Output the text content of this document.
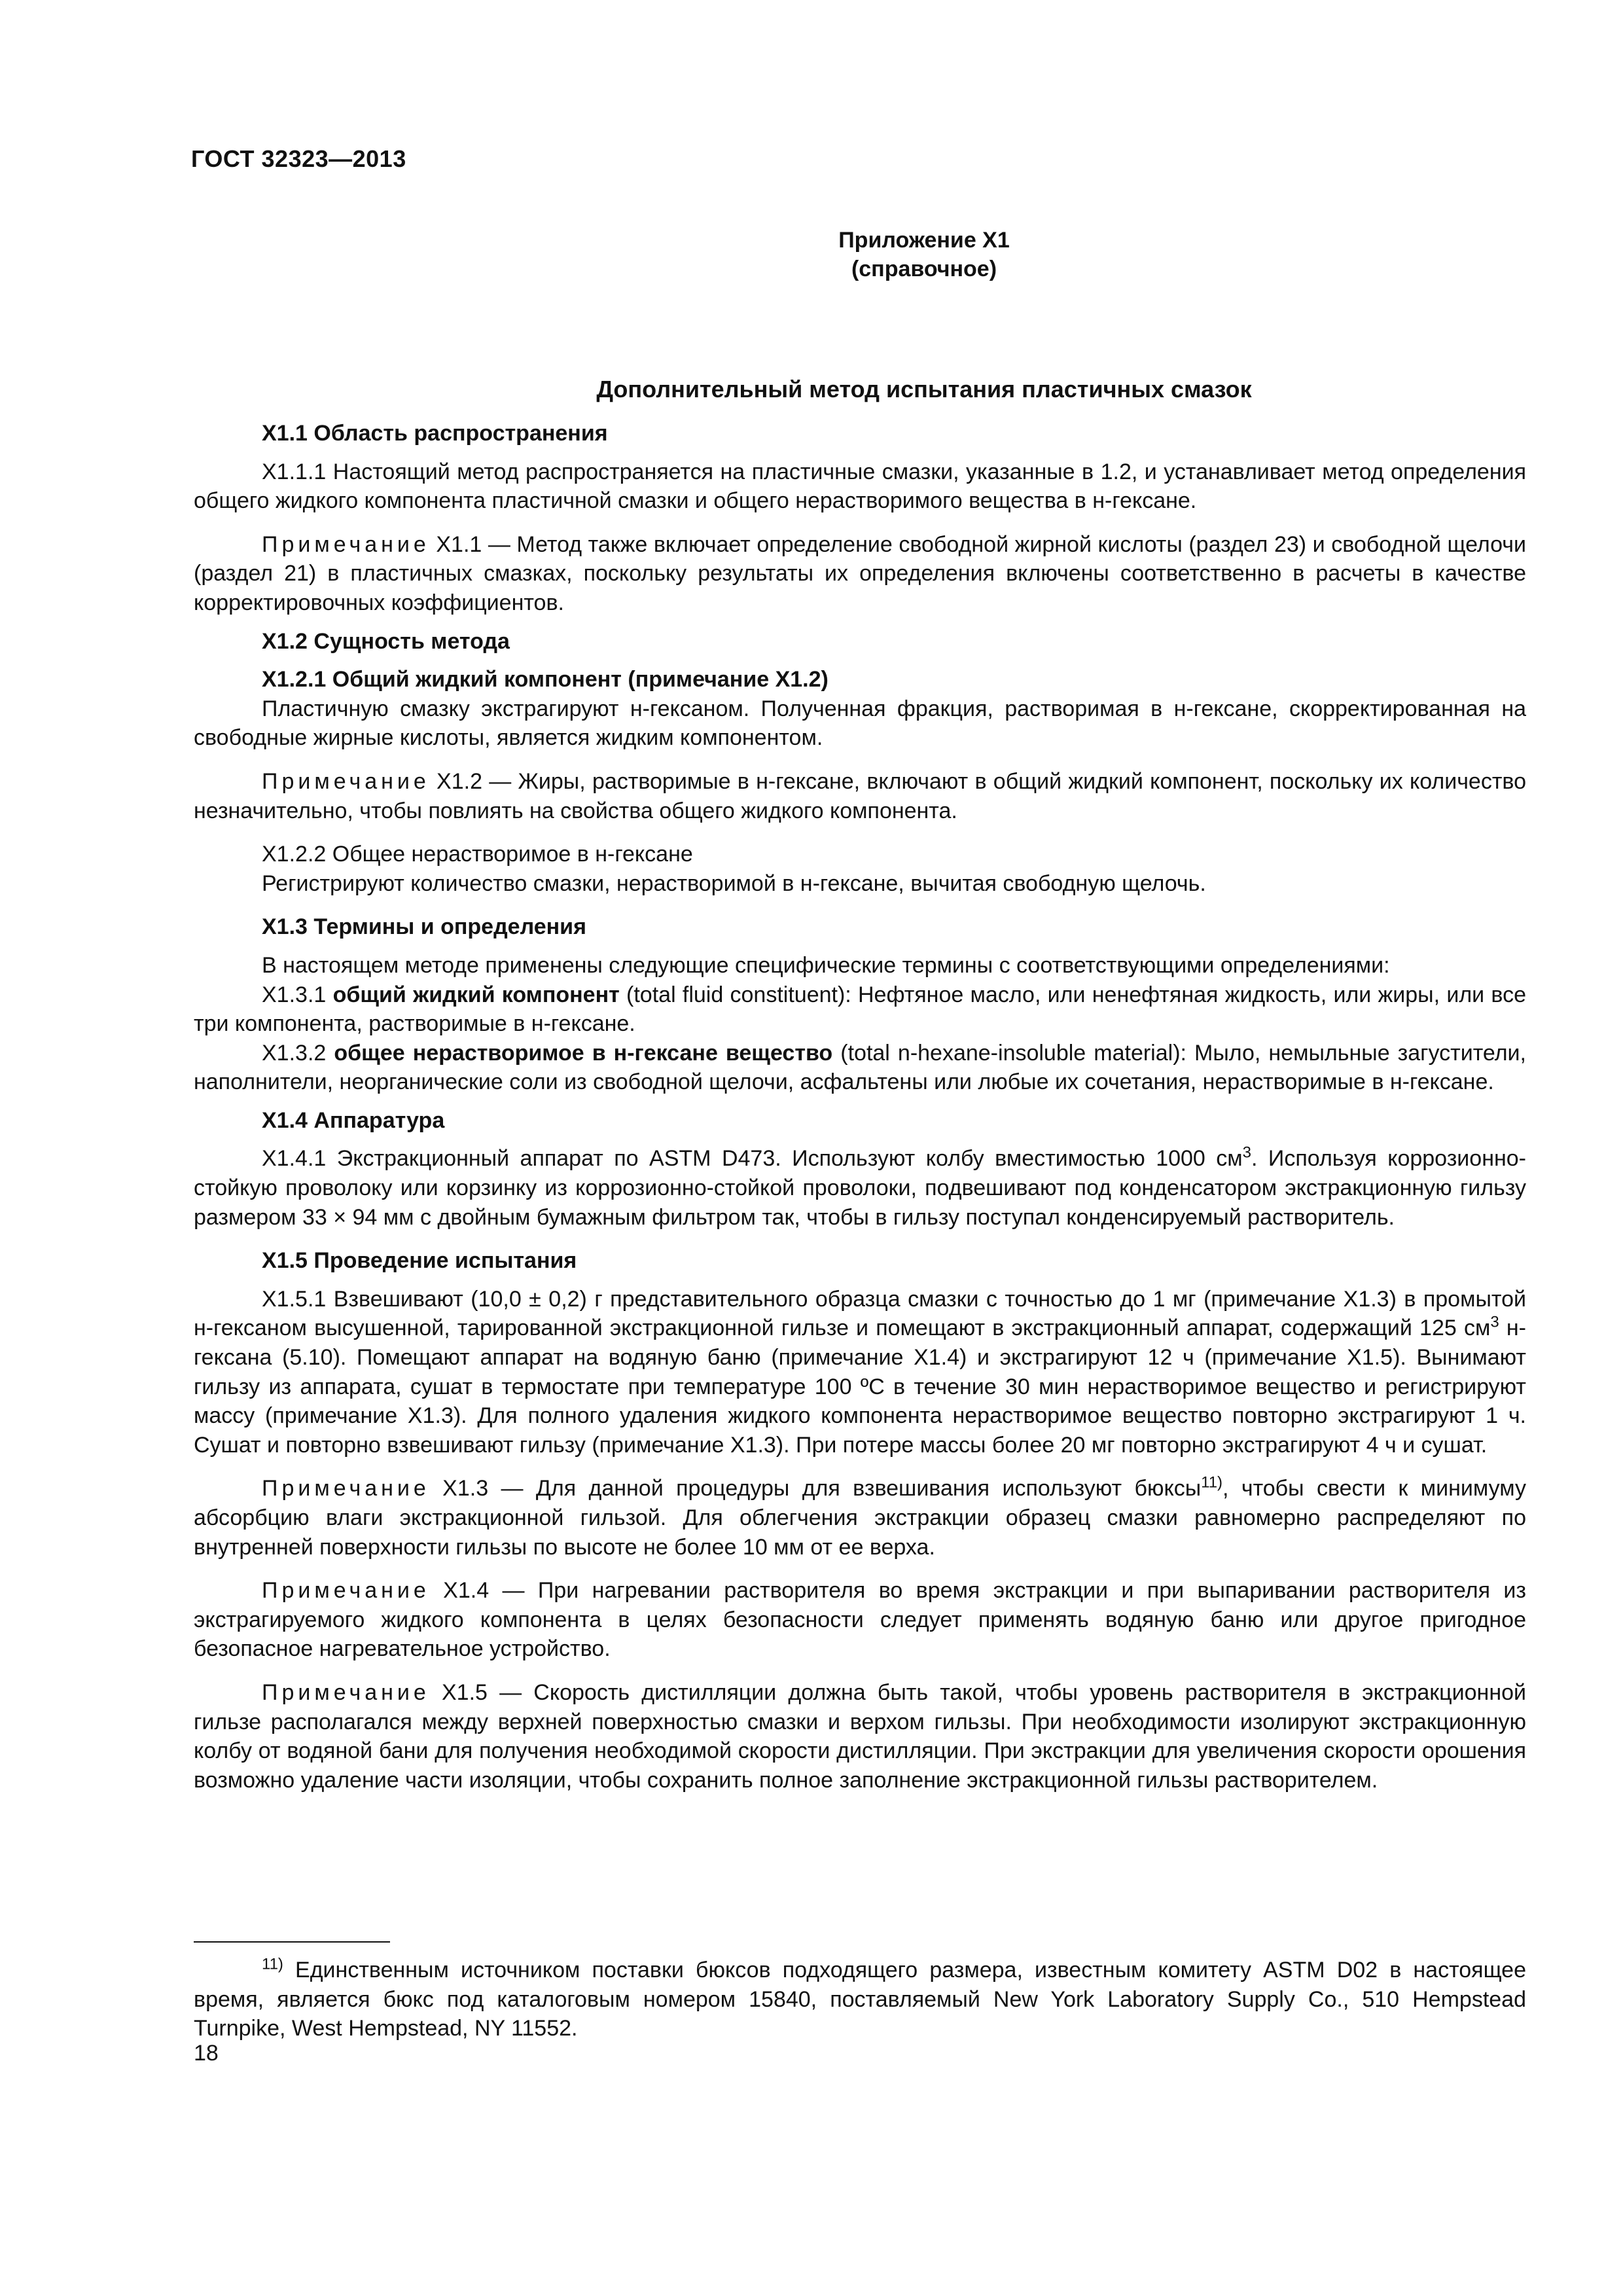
ГОСТ 32323—2013
Приложение Х1
(справочное)
Дополнительный метод испытания пластичных смазок

Х1.1 Область распространения

Х1.1.1 Настоящий метод распространяется на пластичные смазки, указанные в 1.2, и устанавливает метод определения общего жидкого компонента пластичной смазки и общего нерастворимого вещества в н-гексане.

Примечание Х1.1 — Метод также включает определение свободной жирной кислоты (раздел 23) и свободной щелочи (раздел 21) в пластичных смазках, поскольку результаты их определения включены соответственно в расчеты в качестве корректировочных коэффициентов.

Х1.2 Сущность метода

Х1.2.1 Общий жидкий компонент (примечание Х1.2)

Пластичную смазку экстрагируют н-гексаном. Полученная фракция, растворимая в н-гексане, скорректированная на свободные жирные кислоты, является жидким компонентом.

Примечание Х1.2 — Жиры, растворимые в н-гексане, включают в общий жидкий компонент, поскольку их количество незначительно, чтобы повлиять на свойства общего жидкого компонента.

Х1.2.2 Общее нерастворимое в н-гексане

Регистрируют количество смазки, нерастворимой в н-гексане, вычитая свободную щелочь.

Х1.3 Термины и определения

В настоящем методе применены следующие специфические термины с соответствующими определениями:

Х1.3.1 общий жидкий компонент (total fluid constituent): Нефтяное масло, или ненефтяная жидкость, или жиры, или все три компонента, растворимые в н-гексане.

Х1.3.2 общее нерастворимое в н-гексане вещество (total n-hexane-insoluble material): Мыло, немыльные загустители, наполнители, неорганические соли из свободной щелочи, асфальтены или любые их сочетания, нерастворимые в н-гексане.

Х1.4 Аппаратура

Х1.4.1 Экстракционный аппарат по ASTM D473. Используют колбу вместимостью 1000 $см^3$. Используя коррозионно-стойкую проволоку или корзинку из коррозионно-стойкой проволоки, подвешивают под конденсатором экстракционную гильзу размером 33 × 94 мм с двойным бумажным фильтром так, чтобы в гильзу поступал конденсируемый растворитель.

Х1.5 Проведение испытания

Х1.5.1 Взвешивают (10,0 ± 0,2) г представительного образца смазки с точностью до 1 мг (примечание Х1.3) в промытой н-гексаном высушенной, тарированной экстракционной гильзе и помещают в экстракционный аппарат, содержащий 125 $см^3$ н-гексана (5.10). Помещают аппарат на водяную баню (примечание Х1.4) и экстрагируют 12 ч (примечание Х1.5). Вынимают гильзу из аппарата, сушат в термостате при температуре 100 ºС в течение 30 мин нерастворимое вещество и регистрируют массу (примечание Х1.3). Для полного удаления жидкого компонента нерастворимое вещество повторно экстрагируют 1 ч. Сушат и повторно взвешивают гильзу (примечание Х1.3). При потере массы более 20 мг повторно экстрагируют 4 ч и сушат.

Примечание Х1.3 — Для данной процедуры для взвешивания используют бюксы$^{11)}$, чтобы свести к минимуму абсорбцию влаги экстракционной гильзой. Для облегчения экстракции образец смазки равномерно распределяют по внутренней поверхности гильзы по высоте не более 10 мм от ее верха.

Примечание Х1.4 — При нагревании растворителя во время экстракции и при выпаривании растворителя из экстрагируемого жидкого компонента в целях безопасности следует применять водяную баню или другое пригодное безопасное нагревательное устройство.

Примечание Х1.5 — Скорость дистилляции должна быть такой, чтобы уровень растворителя в экстракционной гильзе располагался между верхней поверхностью смазки и верхом гильзы. При необходимости изолируют экстракционную колбу от водяной бани для получения необходимой скорости дистилляции. При экстракции для увеличения скорости орошения возможно удаление части изоляции, чтобы сохранить полное заполнение экстракционной гильзы растворителем.

$^{11)}$ Единственным источником поставки бюксов подходящего размера, известным комитету ASTM D02 в настоящее время, является бюкс под каталоговым номером 15840, поставляемый New York Laboratory Supply Co., 510 Hempstead Turnpike, West Hempstead, NY 11552.
18
